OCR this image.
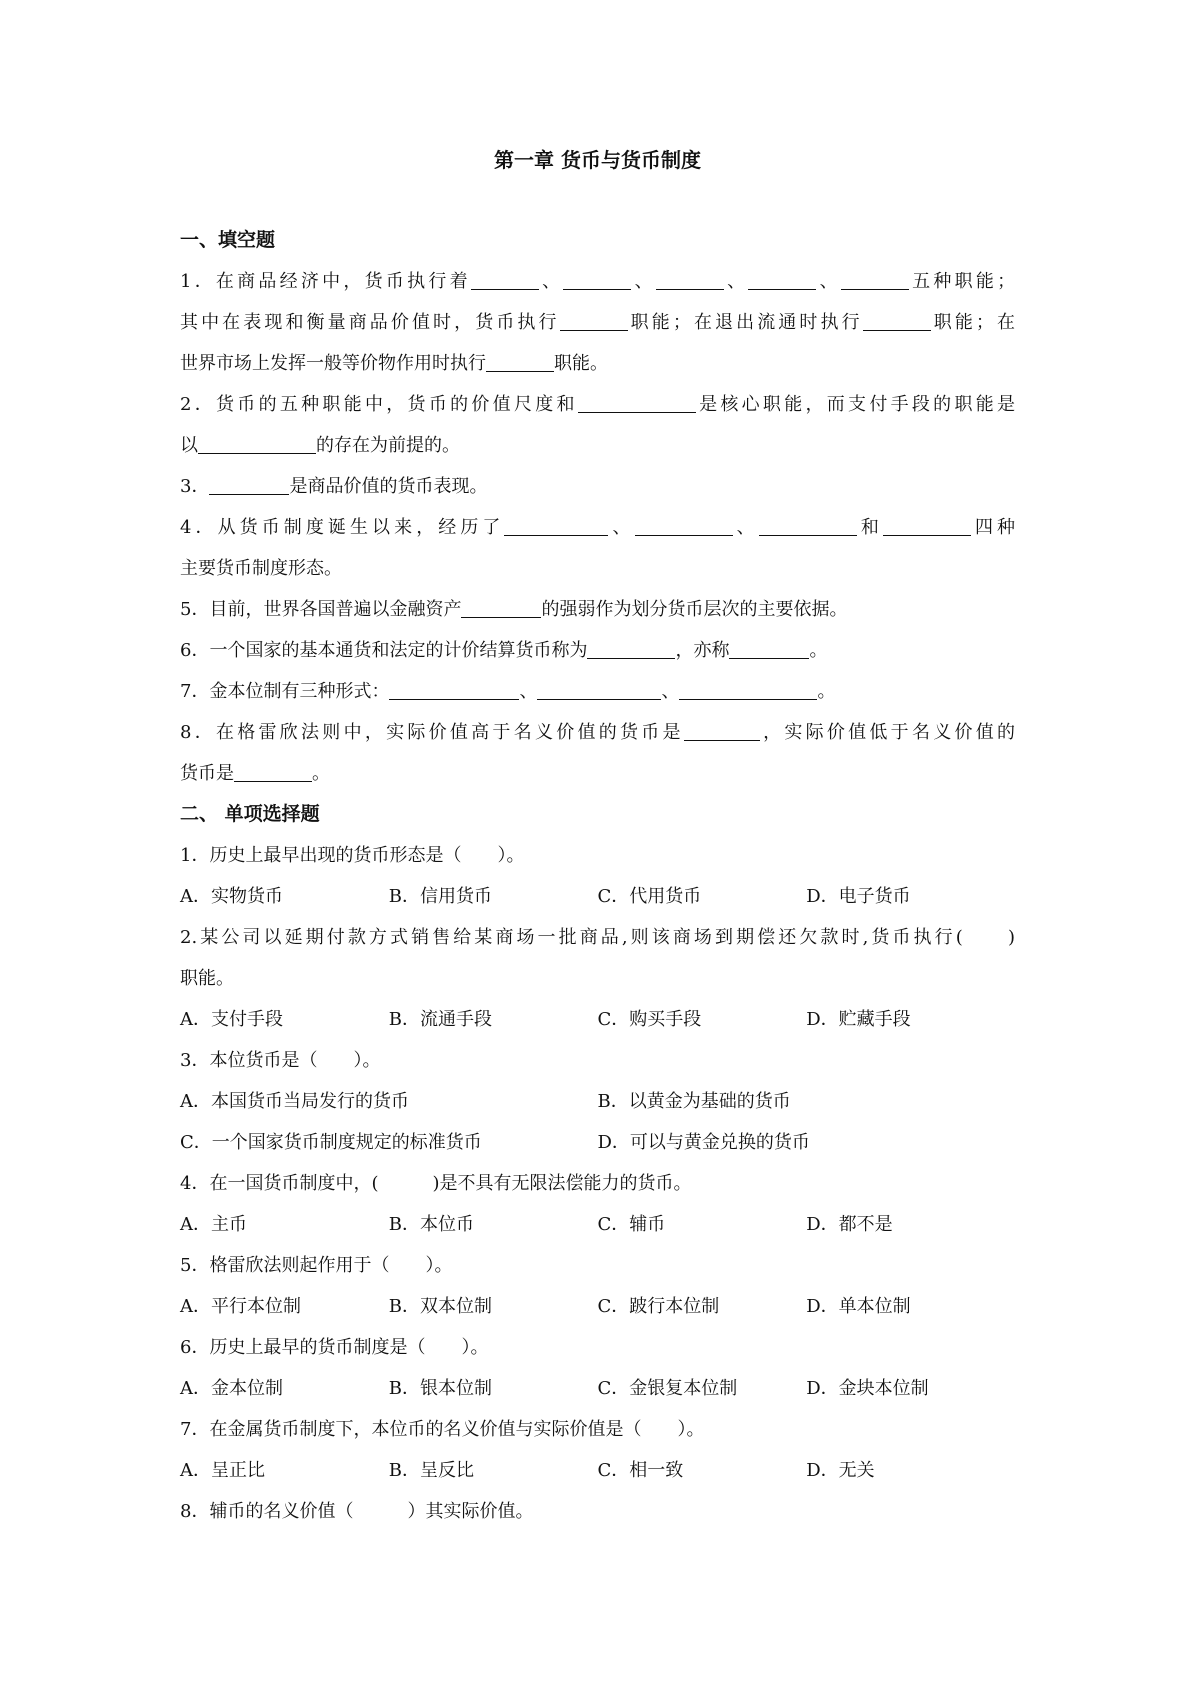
第一章 货币与货币制度
一、填空题
1．在商品经济中，货币执行着	、	、	、	、	五种职能；
其中在表现和衡量商品价值时，货币执行	职能；在退出流通时执行	职能；在
世界市场上发挥一般等价物作用时执行	职能。
2．货币的五种职能中，货币的价值尺度和	是核心职能，而支付手段的职能是
以	的存在为前提的。
3．	是商品价值的货币表现。
4．从货币制度诞生以来，经历了	、	、	和	四种
主要货币制度形态。
5．目前，世界各国普遍以金融资产	的强弱作为划分货币层次的主要依据。
6．一个国家的基本通货和法定的计价结算货币称为	，亦称	。
7．金本位制有三种形式：	、	、	。
8．在格雷欣法则中，实际价值高于名义价值的货币是	，实际价值低于名义价值的
货币是	。
二、 单项选择题
1．历史上最早出现的货币形态是（　　）。
A．实物货币	B．信用货币	C．代用货币	D．电子货币
2.某公司以延期付款方式销售给某商场一批商品,则该商场到期偿还欠款时,货币执行(　　)
职能。
A．支付手段	B．流通手段	C．购买手段	D．贮藏手段
3．本位货币是（　　）。
A．本国货币当局发行的货币	B．以黄金为基础的货币
C．一个国家货币制度规定的标准货币	D．可以与黄金兑换的货币
4．在一国货币制度中，(　　　)是不具有无限法偿能力的货币。
A．主币	B．本位币	C．辅币	D．都不是
5．格雷欣法则起作用于（　　）。
A．平行本位制	B．双本位制	C．跛行本位制	D．单本位制
6．历史上最早的货币制度是（　　）。
A．金本位制	B．银本位制	C．金银复本位制	D．金块本位制
7．在金属货币制度下，本位币的名义价值与实际价值是（　　）。
A．呈正比	B．呈反比	C．相一致	D．无关
8．辅币的名义价值（　　　）其实际价值。
